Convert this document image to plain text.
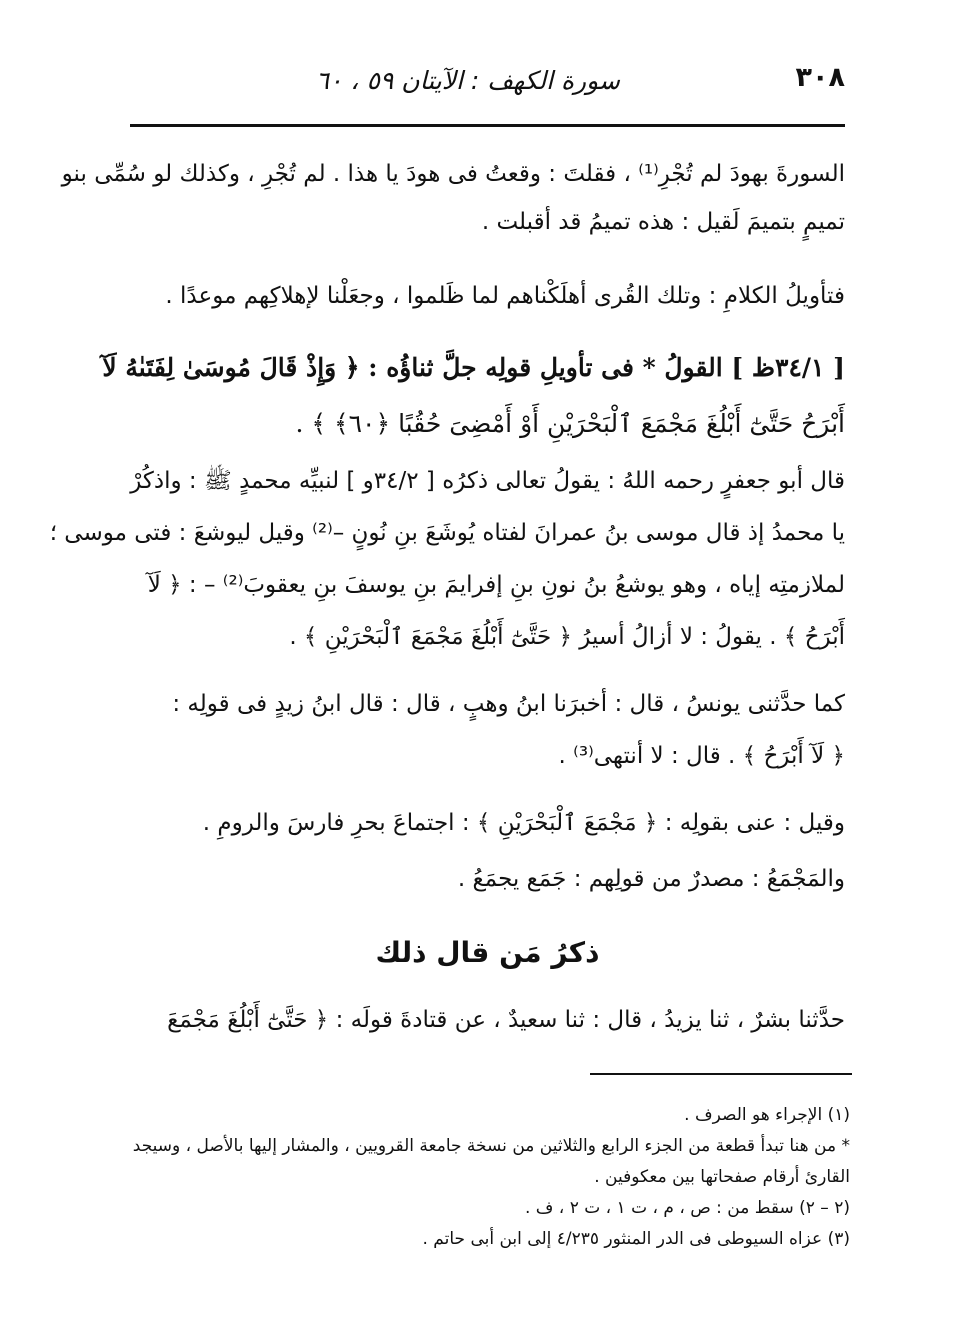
٣٠٨
سورة الكهف : الآيتان ٥٩ ، ٦٠
السورةَ بهودَ لم تُجْرِ⁽¹⁾ ، فقلتَ : وقعتُ فى هودَ يا هذا . لم تُجْرِ ، وكذلك لو سُمِّى بنو
تميمٍ بتميمَ لَقيل : هذه تميمُ قد أقبلت .
فتأويلُ الكلامِ : وتلك القُرى أهلَكْناهم لما ظَلموا ، وجعَلْنا لإهلاكِهم موعدًا .
[ ٣٤/١ظ ] القولُ * فى تأويلِ قولِه جلَّ ثناؤُه : ﴿ وَإِذْ قَالَ مُوسَىٰ لِفَتَىٰهُ لَآ
أَبْرَحُ حَتَّىٰٓ أَبْلُغَ مَجْمَعَ ٱلْبَحْرَيْنِ أَوْ أَمْضِىَ حُقُبًا ﴿٦٠﴾ ﴾ .
قال أبو جعفرٍ رحمه اللهُ : يقولُ تعالى ذكرُه [ ٣٤/٢و ] لنبيِّه محمدٍ ﷺ : واذكُرْ
يا محمدُ إذ قال موسى بنُ عمرانَ لفتاه يُوشَعَ بنِ نُونٍ –⁽²⁾ وقيل ليوشعَ : فتى موسى ؛
لملازمتِه إياه ، وهو يوشعُ بنُ نونِ بنِ إفرايمَ بنِ يوسفَ بنِ يعقوبَ⁽²⁾ – : ﴿ لَآ
أَبْرَحُ ﴾ . يقولُ : لا أزالُ أسيرُ ﴿ حَتَّىٰٓ أَبْلُغَ مَجْمَعَ ٱلْبَحْرَيْنِ ﴾ .
كما حدَّثنى يونسُ ، قال : أخبرَنا ابنُ وهبٍ ، قال : قال ابنُ زيدٍ فى قولِه :
﴿ لَآ أَبْرَحُ ﴾ . قال : لا أنتهى⁽³⁾ .
وقيل : عنى بقولِه : ﴿ مَجْمَعَ ٱلْبَحْرَيْنِ ﴾ : اجتماعَ بحرِ فارسَ والرومِ .
والمَجْمَعُ : مصدرٌ من قولِهم : جَمَع يجمَعُ .
ذكرُ مَن قال ذلك
حدَّثنا بشرٌ ، ثنا يزيدُ ، قال : ثنا سعيدٌ ، عن قتادةَ قولَه : ﴿ حَتَّىٰٓ أَبْلُغَ مَجْمَعَ
(١) الإجراء هو الصرف .
* من هنا تبدأ قطعة من الجزء الرابع والثلاثين من نسخة جامعة القرويين ، والمشار إليها بالأصل ، وسيجد
القارئ أرقام صفحاتها بين معكوفين .
(٢ – ٢) سقط من : ص ، م ، ت ١ ، ت ٢ ، ف .
(٣) عزاه السيوطى فى الدر المنثور ٤/٢٣٥ إلى ابن أبى حاتم .
